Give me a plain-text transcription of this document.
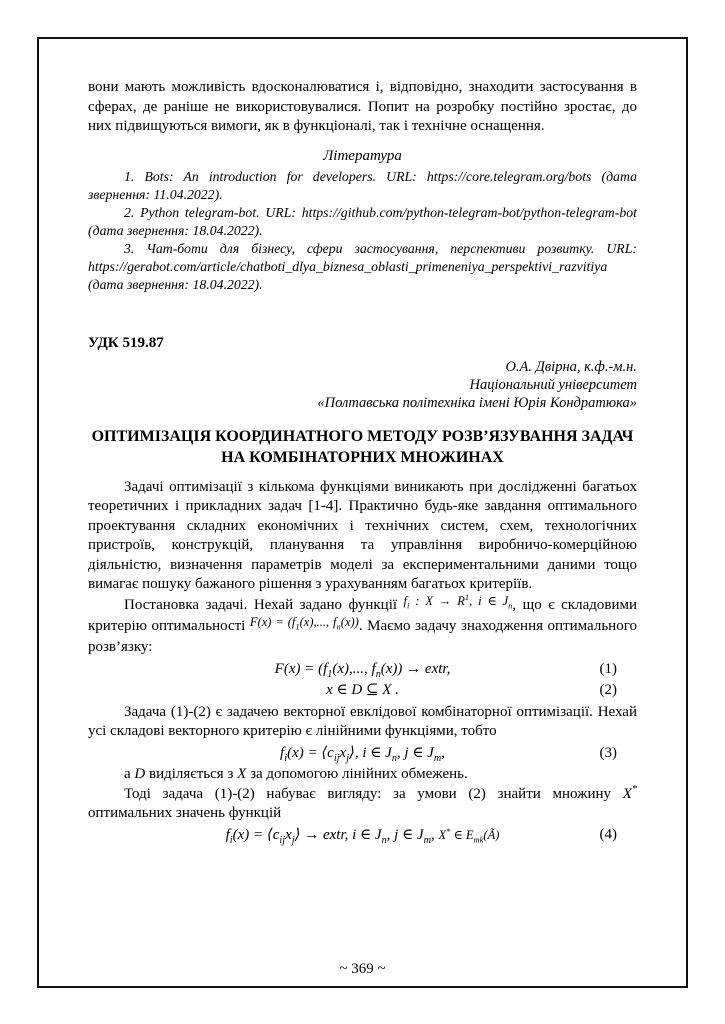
вони мають можливість вдосконалюватися і, відповідно, знаходити застосування в сферах, де раніше не використовувалися. Попит на розробку постійно зростає, до них підвищуються вимоги, як в функціоналі, так і технічне оснащення.

Література

1. Bots: An introduction for developers. URL: https://core.telegram.org/bots (дата звернення: 11.04.2022).

2. Python telegram-bot. URL: https://github.com/python-telegram-bot/python-telegram-bot (дата звернення: 18.04.2022).

3. Чат-боти для бізнесу, сфери застосування, перспективи розвитку. URL: https://gerabot.com/article/chatboti_dlya_biznesa_oblasti_primeneniya_perspektivi_razvitiya (дата звернення: 18.04.2022).

УДК 519.87

О.А. Двірна, к.ф.-м.н.
Національний університет
«Полтавська політехніка імені Юрія Кондратюка»
ОПТИМІЗАЦІЯ КООРДИНАТНОГО МЕТОДУ РОЗВ’ЯЗУВАННЯ ЗАДАЧ НА КОМБІНАТОРНИХ МНОЖИНАХ

Задачі оптимізації з кількома функціями виникають при дослідженні багатьох теоретичних і прикладних задач [1-4]. Практично будь-яке завдання оптимального проектування складних економічних і технічних систем, схем, технологічних пристроїв, конструкцій, планування та управління виробничо-комерційною діяльністю, визначення параметрів моделі за експериментальними даними тощо вимагає пошуку бажаного рішення з урахуванням багатьох критеріїв.

Постановка задачі. Нехай задано функції $^{f_i : X \to R^1, i \in J_n}$, що є складовими критерію оптимальності $^{F(x) = (f_1(x),..., f_n(x))}$. Маємо задачу знаходження оптимального розв’язку:

$F(x) = (f_1(x)$,..., $f_n(x)$) → extr,	(1)
x ∈ D ⊆ X .	(2)

Задача (1)-(2) є задачею векторної евклідової комбінаторної оптимізації. Нехай усі складові векторного критерію є лінійними функціями, тобто

$f_i(x)$ = $⟨c_{ij}x_j⟩$, i ∈ $J_n$, j ∈ $J_m$,	(3)

а D виділяється з X за допомогою лінійних обмежень.

Тоді задача (1)-(2) набуває вигляду: за умови (2) знайти множину X* оптимальних значень функцій

$f_i(x)$ = $⟨c_{ij}x_j⟩$ → extr, i ∈ $J_n$, j ∈ $J_m$, X* ∈ $E_{mk}(Ã)$	(4)
~ 369 ~
